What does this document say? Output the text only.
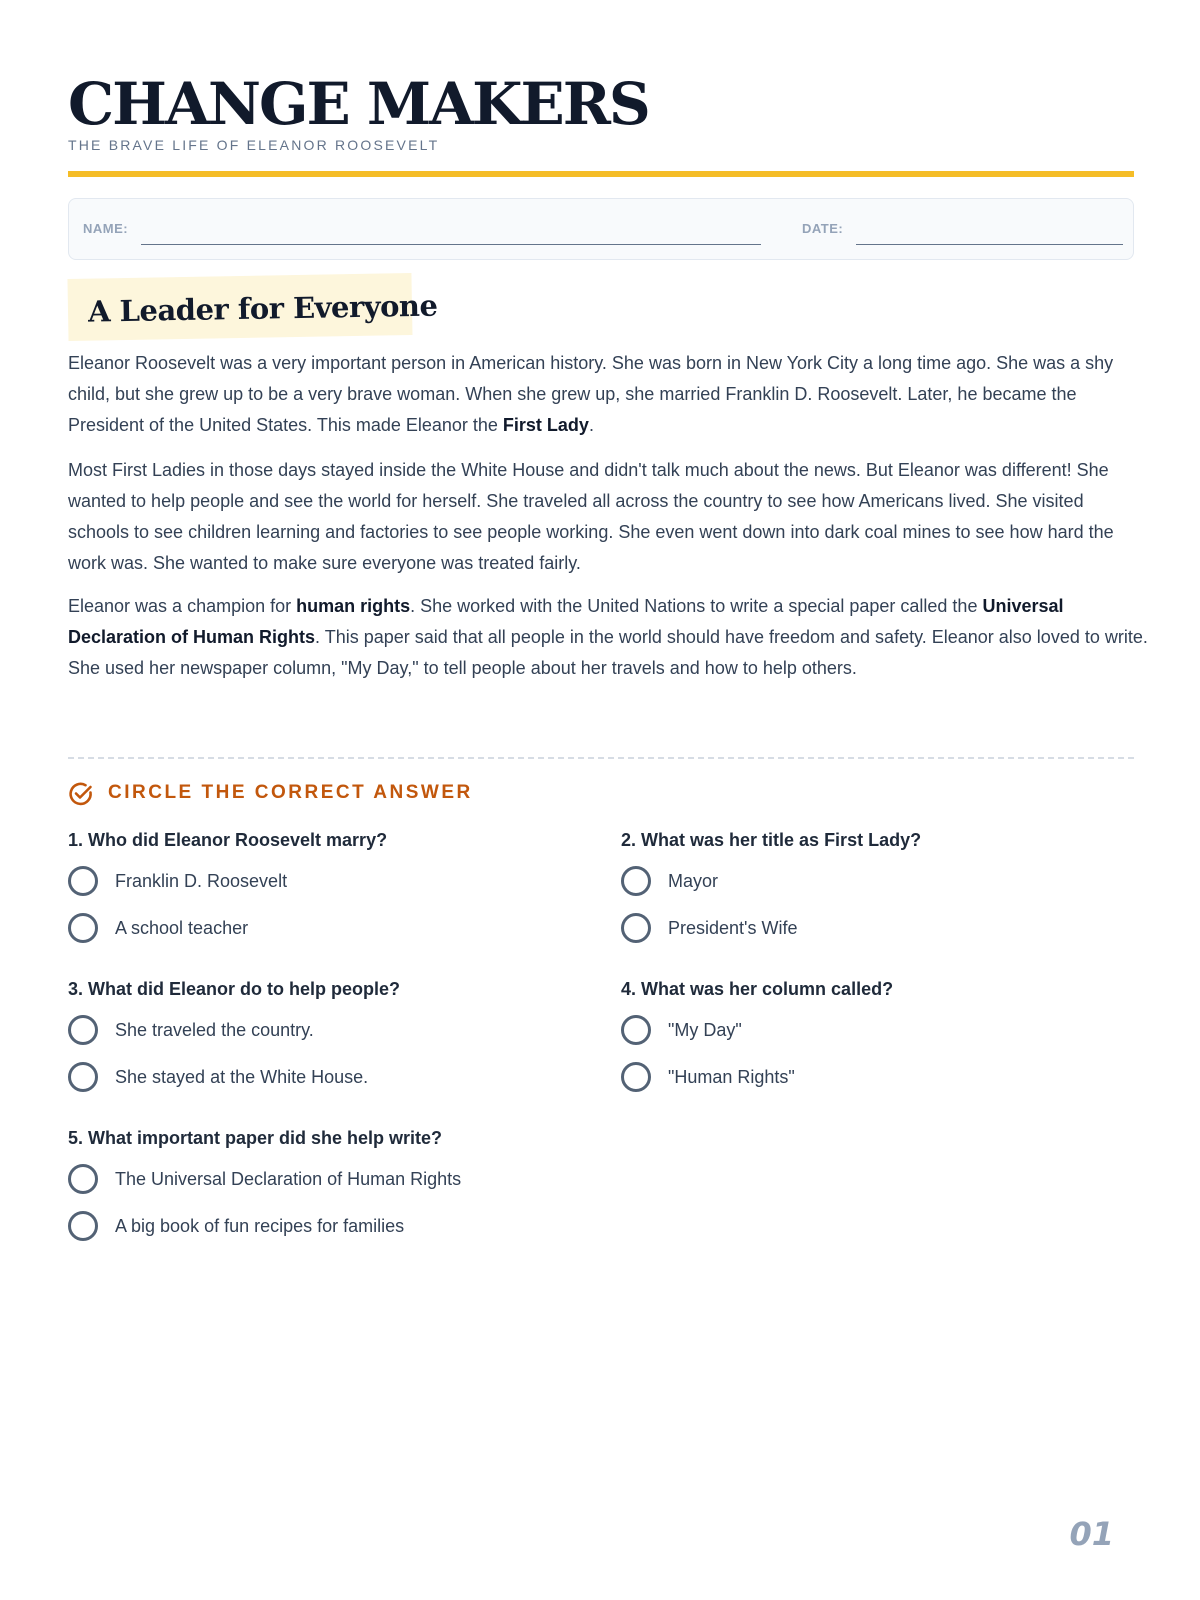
CHANGE MAKERS
THE BRAVE LIFE OF ELEANOR ROOSEVELT
NAME:	DATE:
A Leader for Everyone

Eleanor Roosevelt was a very important person in American history. She was born in New York City a long time ago. She was a shy child, but she grew up to be a very brave woman. When she grew up, she married Franklin D. Roosevelt. Later, he became the President of the United States. This made Eleanor the First Lady.

Most First Ladies in those days stayed inside the White House and didn't talk much about the news. But Eleanor was different! She wanted to help people and see the world for herself. She traveled all across the country to see how Americans lived. She visited schools to see children learning and factories to see people working. She even went down into dark coal mines to see how hard the work was. She wanted to make sure everyone was treated fairly.

Eleanor was a champion for human rights. She worked with the United Nations to write a special paper called the Universal Declaration of Human Rights. This paper said that all people in the world should have freedom and safety. Eleanor also loved to write. She used her newspaper column, "My Day," to tell people about her travels and how to help others.

CIRCLE THE CORRECT ANSWER
1. Who did Eleanor Roosevelt marry?
Franklin D. Roosevelt
A school teacher
2. What was her title as First Lady?
Mayor
President's Wife
3. What did Eleanor do to help people?
She traveled the country.
She stayed at the White House.
4. What was her column called?
"My Day"
"Human Rights"
5. What important paper did she help write?
The Universal Declaration of Human Rights
A big book of fun recipes for families
01
